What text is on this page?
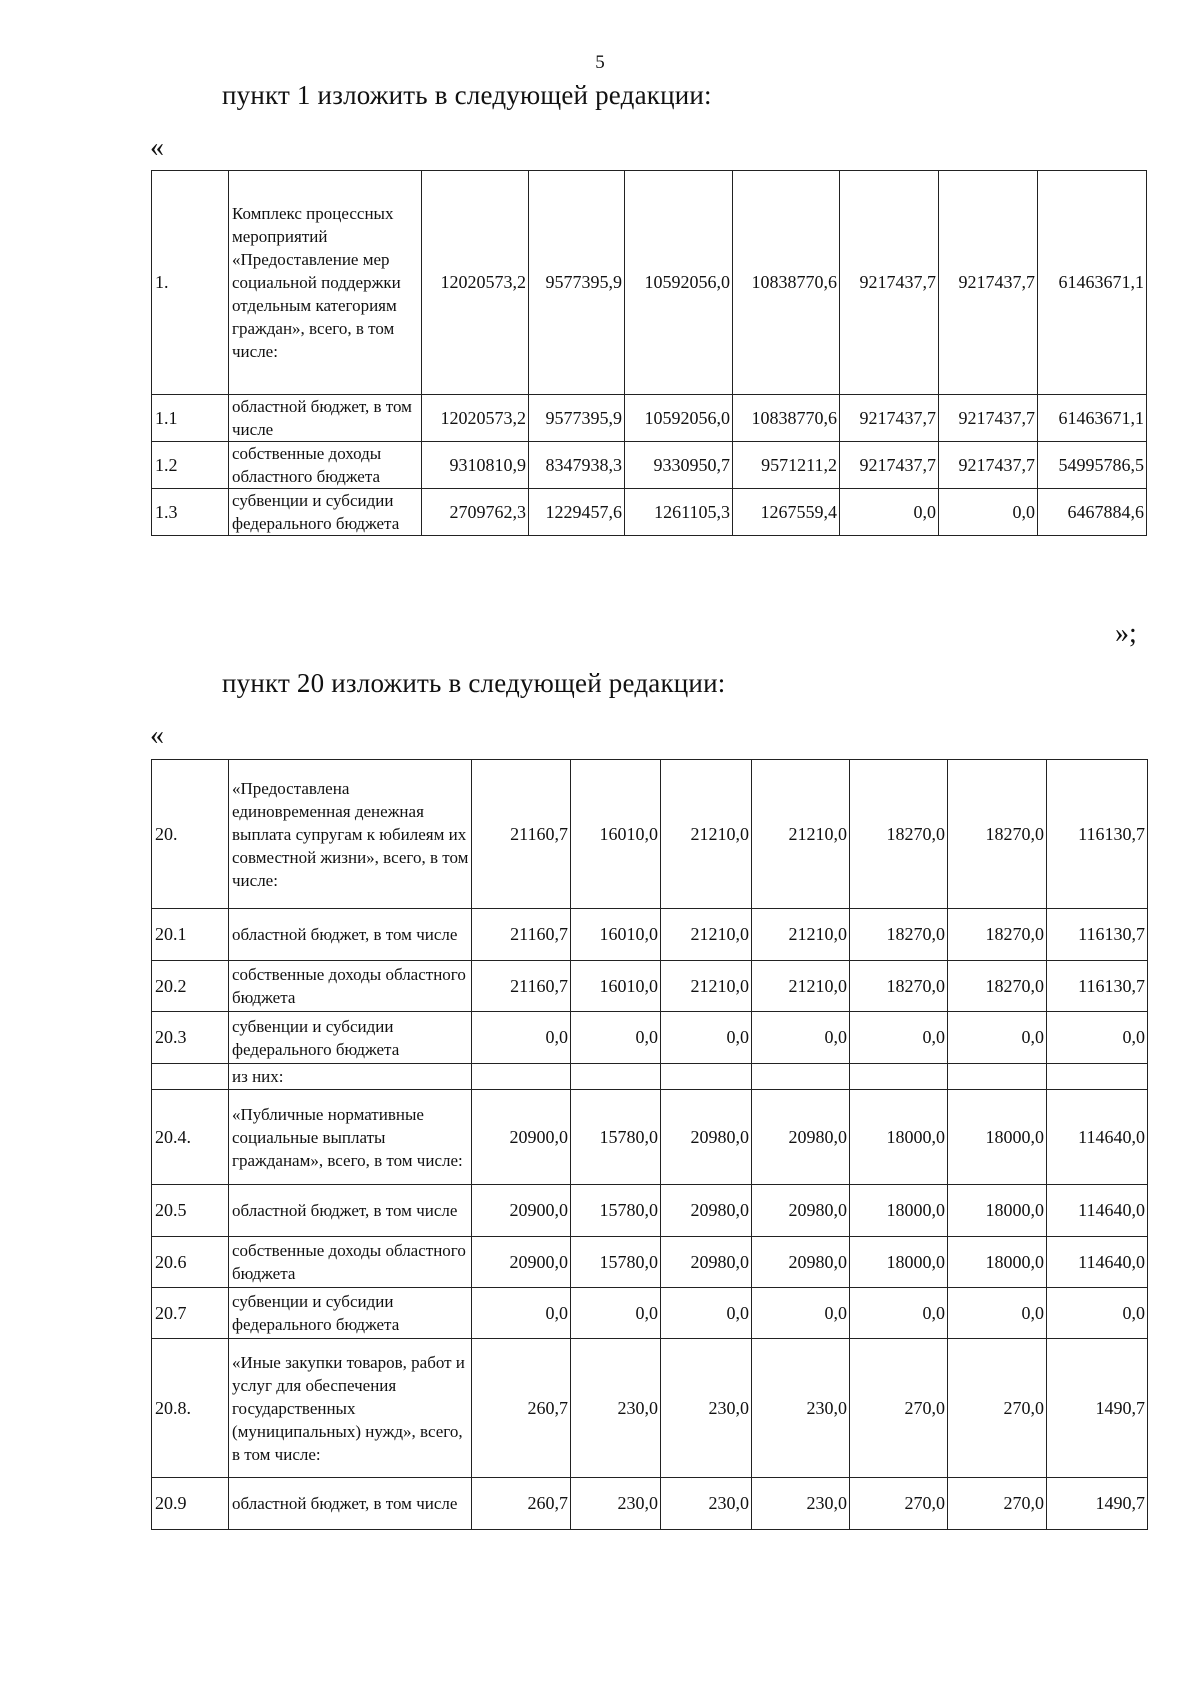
5
пункт 1 изложить в следующей редакции:
«
1.	Комплекс процессных мероприятий «Предоставление мер социальной поддержки отдельным категориям граждан», всего, в том числе:	12020573,2	9577395,9	10592056,0	10838770,6	9217437,7	9217437,7	61463671,1
1.1	областной бюджет, в том числе	12020573,2	9577395,9	10592056,0	10838770,6	9217437,7	9217437,7	61463671,1
1.2	собственные доходы областного бюджета	9310810,9	8347938,3	9330950,7	9571211,2	9217437,7	9217437,7	54995786,5
1.3	субвенции и субсидии федерального бюджета	2709762,3	1229457,6	1261105,3	1267559,4	0,0	0,0	6467884,6
»;
пункт 20 изложить в следующей редакции:
«
20.	«Предоставлена единовременная денежная выплата супругам к юбилеям их совместной жизни», всего, в том числе:	21160,7	16010,0	21210,0	21210,0	18270,0	18270,0	116130,7
20.1	областной бюджет, в том числе	21160,7	16010,0	21210,0	21210,0	18270,0	18270,0	116130,7
20.2	собственные доходы областного бюджета	21160,7	16010,0	21210,0	21210,0	18270,0	18270,0	116130,7
20.3	субвенции и субсидии федерального бюджета	0,0	0,0	0,0	0,0	0,0	0,0	0,0
	из них:							
20.4.	«Публичные нормативные социальные выплаты гражданам», всего, в том числе:	20900,0	15780,0	20980,0	20980,0	18000,0	18000,0	114640,0
20.5	областной бюджет, в том числе	20900,0	15780,0	20980,0	20980,0	18000,0	18000,0	114640,0
20.6	собственные доходы областного бюджета	20900,0	15780,0	20980,0	20980,0	18000,0	18000,0	114640,0
20.7	субвенции и субсидии федерального бюджета	0,0	0,0	0,0	0,0	0,0	0,0	0,0
20.8.	«Иные закупки товаров, работ и услуг для обеспечения государственных (муниципальных) нужд», всего, в том числе:	260,7	230,0	230,0	230,0	270,0	270,0	1490,7
20.9	областной бюджет, в том числе	260,7	230,0	230,0	230,0	270,0	270,0	1490,7
